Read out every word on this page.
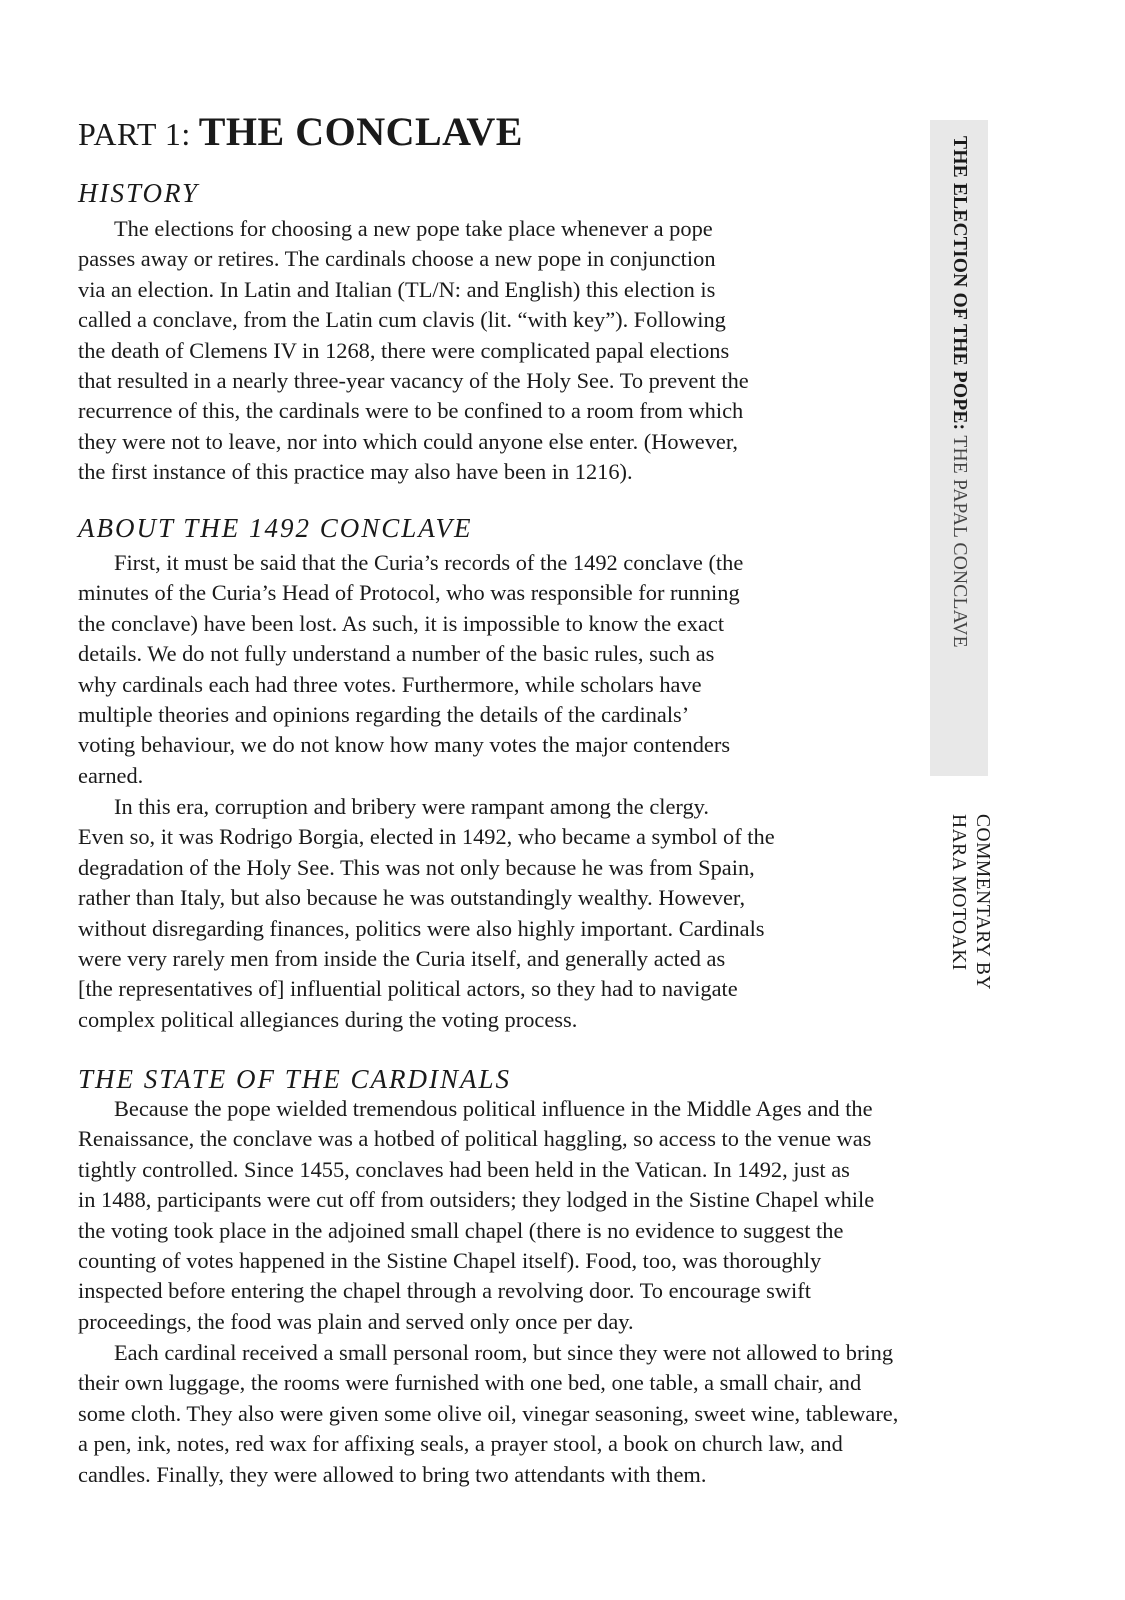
PART 1: THE CONCLAVE
HISTORY
The elections for choosing a new pope take place whenever a pope
passes away or retires. The cardinals choose a new pope in conjunction
via an election. In Latin and Italian (TL/N: and English) this election is
called a conclave, from the Latin cum clavis (lit. “with key”). Following
the death of Clemens IV in 1268, there were complicated papal elections
that resulted in a nearly three-year vacancy of the Holy See. To prevent the
recurrence of this, the cardinals were to be confined to a room from which
they were not to leave, nor into which could anyone else enter. (However,
the first instance of this practice may also have been in 1216).
ABOUT THE 1492 CONCLAVE
First, it must be said that the Curia’s records of the 1492 conclave (the
minutes of the Curia’s Head of Protocol, who was responsible for running
the conclave) have been lost. As such, it is impossible to know the exact
details. We do not fully understand a number of the basic rules, such as
why cardinals each had three votes. Furthermore, while scholars have
multiple theories and opinions regarding the details of the cardinals’
voting behaviour, we do not know how many votes the major contenders
earned.
In this era, corruption and bribery were rampant among the clergy.
Even so, it was Rodrigo Borgia, elected in 1492, who became a symbol of the
degradation of the Holy See. This was not only because he was from Spain,
rather than Italy, but also because he was outstandingly wealthy. However,
without disregarding finances, politics were also highly important. Cardinals
were very rarely men from inside the Curia itself, and generally acted as
[the representatives of] influential political actors, so they had to navigate
complex political allegiances during the voting process.
THE STATE OF THE CARDINALS
Because the pope wielded tremendous political influence in the Middle Ages and the
Renaissance, the conclave was a hotbed of political haggling, so access to the venue was
tightly controlled. Since 1455, conclaves had been held in the Vatican. In 1492, just as
in 1488, participants were cut off from outsiders; they lodged in the Sistine Chapel while
the voting took place in the adjoined small chapel (there is no evidence to suggest the
counting of votes happened in the Sistine Chapel itself). Food, too, was thoroughly
inspected before entering the chapel through a revolving door. To encourage swift
proceedings, the food was plain and served only once per day.
Each cardinal received a small personal room, but since they were not allowed to bring
their own luggage, the rooms were furnished with one bed, one table, a small chair, and
some cloth. They also were given some olive oil, vinegar seasoning, sweet wine, tableware,
a pen, ink, notes, red wax for affixing seals, a prayer stool, a book on church law, and
candles. Finally, they were allowed to bring two attendants with them.
THE ELECTION OF THE POPE: THE PAPAL CONCLAVE
COMMENTARY BY
HARA MOTOAKI
